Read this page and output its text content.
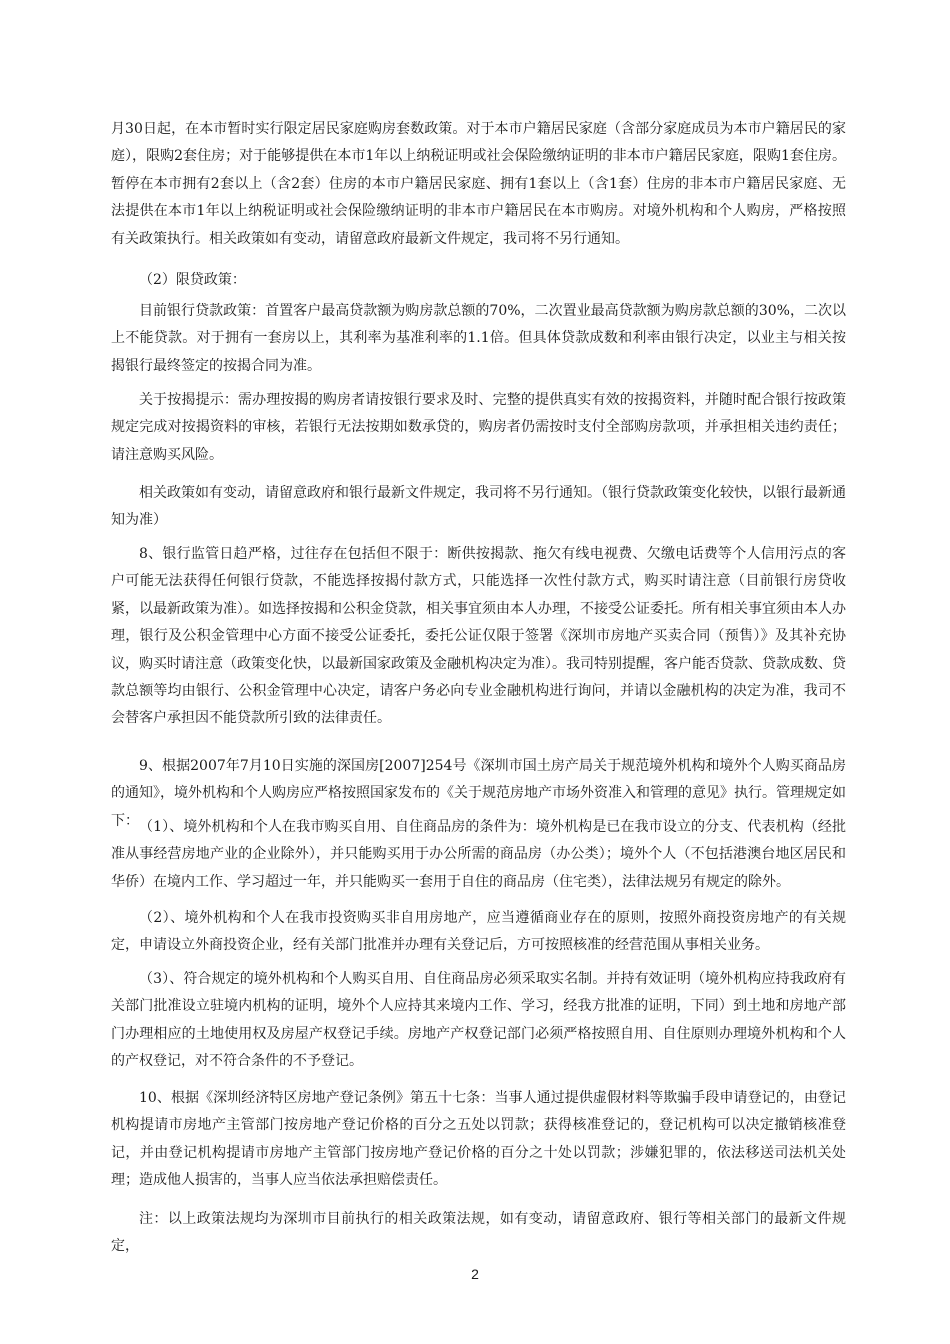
月30日起，在本市暂时实行限定居民家庭购房套数政策。对于本市户籍居民家庭（含部分家庭成员为本市户籍居民的家庭），限购2套住房；对于能够提供在本市1年以上纳税证明或社会保险缴纳证明的非本市户籍居民家庭，限购1套住房。暂停在本市拥有2套以上（含2套）住房的本市户籍居民家庭、拥有1套以上（含1套）住房的非本市户籍居民家庭、无法提供在本市1年以上纳税证明或社会保险缴纳证明的非本市户籍居民在本市购房。对境外机构和个人购房，严格按照有关政策执行。相关政策如有变动，请留意政府最新文件规定，我司将不另行通知。

（2）限贷政策：

目前银行贷款政策：首置客户最高贷款额为购房款总额的70%，二次置业最高贷款额为购房款总额的30%，二次以上不能贷款。对于拥有一套房以上，其利率为基准利率的1.1倍。但具体贷款成数和利率由银行决定，以业主与相关按揭银行最终签定的按揭合同为准。

关于按揭提示：需办理按揭的购房者请按银行要求及时、完整的提供真实有效的按揭资料，并随时配合银行按政策规定完成对按揭资料的审核，若银行无法按期如数承贷的，购房者仍需按时支付全部购房款项，并承担相关违约责任；请注意购买风险。

相关政策如有变动，请留意政府和银行最新文件规定，我司将不另行通知。（银行贷款政策变化较快，以银行最新通知为准）

8、银行监管日趋严格，过往存在包括但不限于：断供按揭款、拖欠有线电视费、欠缴电话费等个人信用污点的客户可能无法获得任何银行贷款，不能选择按揭付款方式，只能选择一次性付款方式，购买时请注意（目前银行房贷收紧，以最新政策为准）。如选择按揭和公积金贷款，相关事宜须由本人办理，不接受公证委托。所有相关事宜须由本人办理，银行及公积金管理中心方面不接受公证委托，委托公证仅限于签署《深圳市房地产买卖合同（预售）》及其补充协议，购买时请注意（政策变化快，以最新国家政策及金融机构决定为准）。我司特别提醒，客户能否贷款、贷款成数、贷款总额等均由银行、公积金管理中心决定，请客户务必向专业金融机构进行询问，并请以金融机构的决定为准，我司不会替客户承担因不能贷款所引致的法律责任。

9、根据2007年7月10日实施的深国房[2007]254号《深圳市国土房产局关于规范境外机构和境外个人购买商品房的通知》，境外机构和个人购房应严格按照国家发布的《关于规范房地产市场外资准入和管理的意见》执行。管理规定如下： （1）、境外机构和个人在我市购买自用、自住商品房的条件为：境外机构是已在我市设立的分支、代表机构（经批准从事经营房地产业的企业除外），并只能购买用于办公所需的商品房（办公类）；境外个人（不包括港澳台地区居民和华侨）在境内工作、学习超过一年，并只能购买一套用于自住的商品房（住宅类），法律法规另有规定的除外。

（2）、境外机构和个人在我市投资购买非自用房地产，应当遵循商业存在的原则，按照外商投资房地产的有关规定，申请设立外商投资企业，经有关部门批准并办理有关登记后，方可按照核准的经营范围从事相关业务。

（3）、符合规定的境外机构和个人购买自用、自住商品房必须采取实名制。并持有效证明（境外机构应持我政府有关部门批准设立驻境内机构的证明，境外个人应持其来境内工作、学习，经我方批准的证明，下同）到土地和房地产部门办理相应的土地使用权及房屋产权登记手续。房地产产权登记部门必须严格按照自用、自住原则办理境外机构和个人的产权登记，对不符合条件的不予登记。

10、根据《深圳经济特区房地产登记条例》第五十七条：当事人通过提供虚假材料等欺骗手段申请登记的，由登记机构提请市房地产主管部门按房地产登记价格的百分之五处以罚款；获得核准登记的，登记机构可以决定撤销核准登记，并由登记机构提请市房地产主管部门按房地产登记价格的百分之十处以罚款；涉嫌犯罪的，依法移送司法机关处理；造成他人损害的，当事人应当依法承担赔偿责任。

注：以上政策法规均为深圳市目前执行的相关政策法规，如有变动，请留意政府、银行等相关部门的最新文件规定，

2
